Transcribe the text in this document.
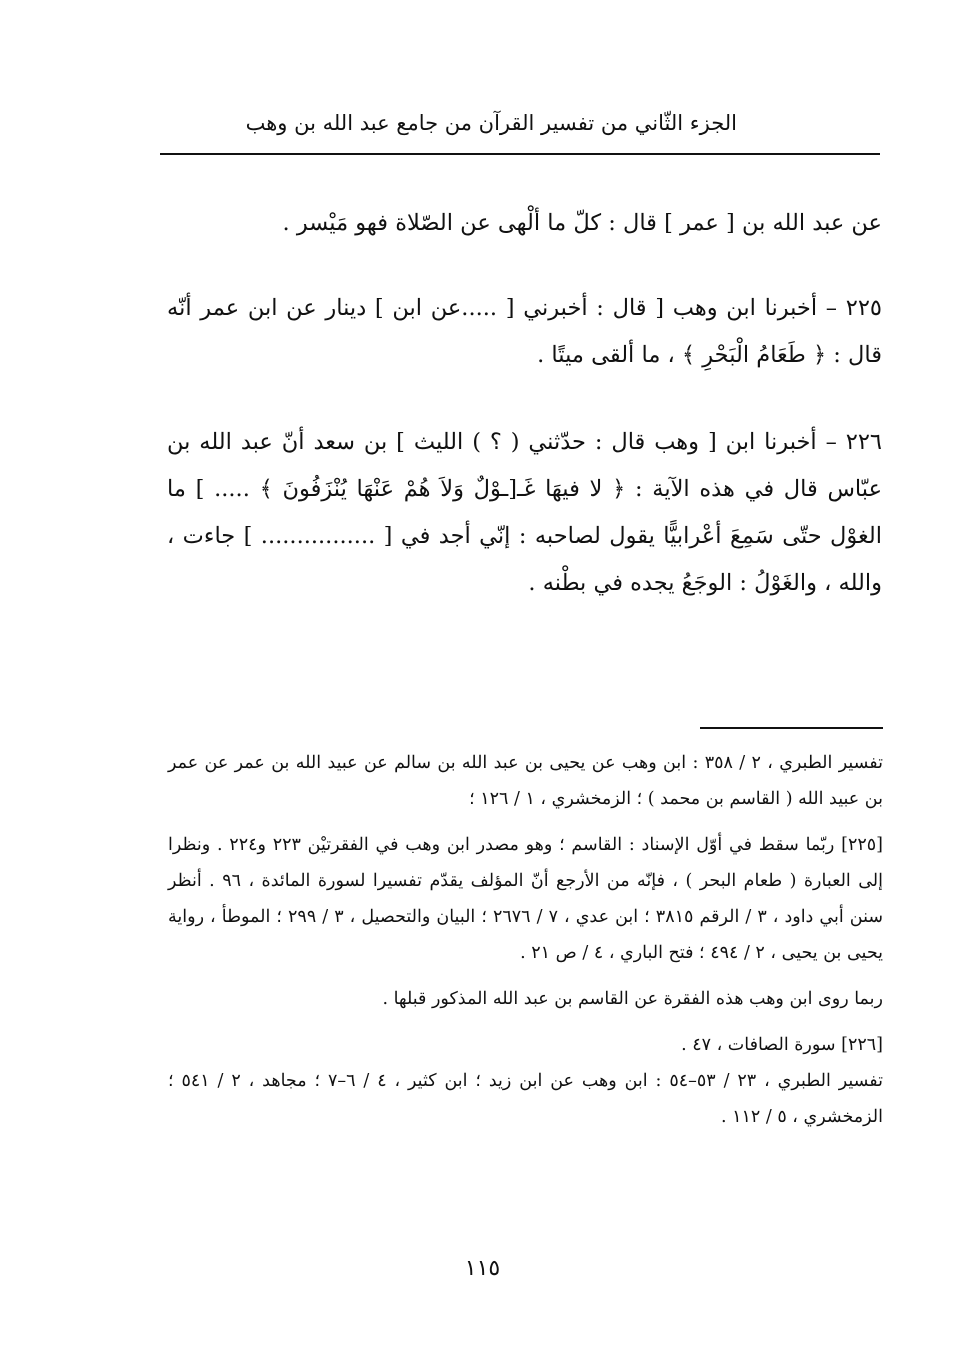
الجزء الثّاني من تفسير القرآن من جامع عبد الله بن وهب

عن عبد الله بن [ عمر ] قال : كلّ ما ألْهى عن الصّلاة فهو مَيْسر .

٢٢٥ – أخبرنا ابن وهب [ قال : أخبرني [ .....عن ابن ] دينار عن ابن عمر أنّه قال : ﴿ طَعَامُ الْبَحْرِ ﴾ ، ما ألقى ميتًا .

٢٢٦ – أخبرنا ابن [ وهب قال : حدّثني ( ؟ ) الليث ] بن سعد أنّ عبد الله بن عبّاس قال في هذه الآية : ﴿ لا فيهَا غَـ[ـوْلٌ وَلاَ هُمْ عَنْهَا يُنْزَفُونَ ﴾ ..... ] ما الغوْل حتّى سَمِعَ أعْرابيًّا يقول لصاحبه : إنّي أجد في [ ................ ] جاءت ، والله ، والغَوْلُ : الوجَعُ يجده في بطْنه .

تفسير الطبري ، ٢ / ٣٥٨ : ابن وهب عن يحيى بن عبد الله بن سالم عن عبيد الله بن عمر عن عمر بن عبيد الله ( القاسم بن محمد ) ؛ الزمخشري ، ١ / ١٢٦ ؛

[٢٢٥] ربّما سقط في أوّل الإسناد : القاسم ؛ وهو مصدر ابن وهب في الفقرتيْن ٢٢٣ و٢٢٤ . ونظرا إلى العبارة ( طعام البحر ) ، فإنّه من الأرجع أنّ المؤلف يقدّم تفسيرا لسورة المائدة ، ٩٦ . أنظر سنن أبي داود ، ٣ / الرقم ٣٨١٥ ؛ ابن عدي ، ٧ / ٢٦٧٦ ؛ البيان والتحصيل ، ٣ / ٢٩٩ ؛ الموطأ ، رواية يحيى بن يحيى ، ٢ / ٤٩٤ ؛ فتح الباري ، ٤ / ص ٢١ .

ربما روى ابن وهب هذه الفقرة عن القاسم بن عبد الله المذكور قبلها .

[٢٢٦] سورة الصافات ، ٤٧ .

تفسير الطبري ، ٢٣ / ٥٣–٥٤ : ابن وهب عن ابن زيد ؛ ابن كثير ، ٤ / ٦–٧ ؛ مجاهد ، ٢ / ٥٤١ ؛ الزمخشري ، ٥ / ١١٢ .

١١٥
